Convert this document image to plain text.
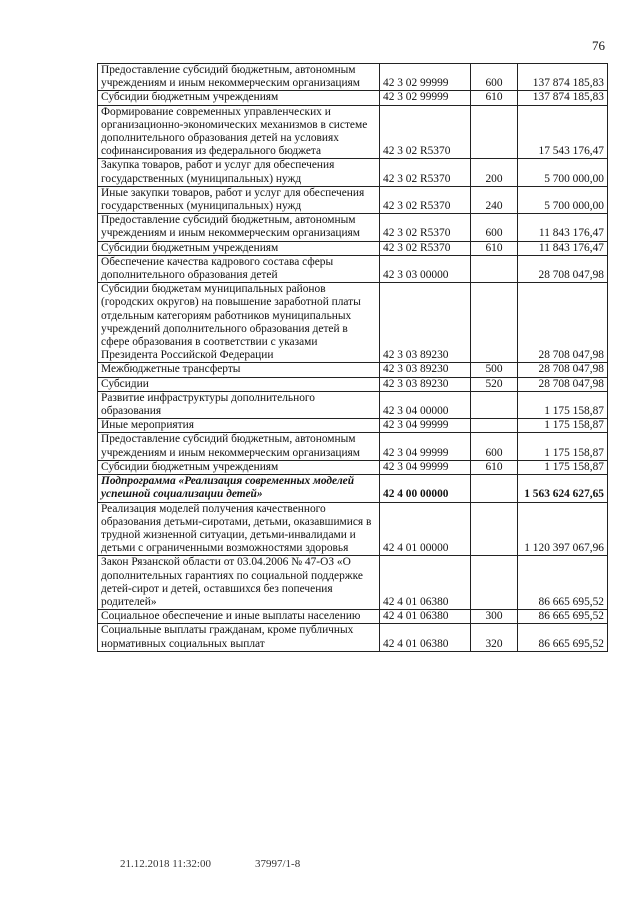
76
Предоставление субсидий бюджетным, автономным учреждениям и иным некоммерческим организациям	42 3 02 99999	600	137 874 185,83
Субсидии бюджетным учреждениям	42 3 02 99999	610	137 874 185,83
Формирование современных управленческих и организационно-экономических механизмов в системе дополнительного образования детей на условиях софинансирования из федерального бюджета	42 3 02 R5370		17 543 176,47
Закупка товаров, работ и услуг для обеспечения государственных (муниципальных) нужд	42 3 02 R5370	200	5 700 000,00
Иные закупки товаров, работ и услуг для обеспечения государственных (муниципальных) нужд	42 3 02 R5370	240	5 700 000,00
Предоставление субсидий бюджетным, автономным учреждениям и иным некоммерческим организациям	42 3 02 R5370	600	11 843 176,47
Субсидии бюджетным учреждениям	42 3 02 R5370	610	11 843 176,47
Обеспечение качества кадрового состава сферы дополнительного образования детей	42 3 03 00000		28 708 047,98
Субсидии бюджетам муниципальных районов (городских округов) на повышение заработной платы отдельным категориям работников муниципальных учреждений дополнительного образования детей в сфере образования в соответствии с указами Президента Российской Федерации	42 3 03 89230		28 708 047,98
Межбюджетные трансферты	42 3 03 89230	500	28 708 047,98
Субсидии	42 3 03 89230	520	28 708 047,98
Развитие инфраструктуры дополнительного образования	42 3 04 00000		1 175 158,87
Иные мероприятия	42 3 04 99999		1 175 158,87
Предоставление субсидий бюджетным, автономным учреждениям и иным некоммерческим организациям	42 3 04 99999	600	1 175 158,87
Субсидии бюджетным учреждениям	42 3 04 99999	610	1 175 158,87
Подпрограмма «Реализация современных моделей успешной социализации детей»	42 4 00 00000		1 563 624 627,65
Реализация моделей получения качественного образования детьми-сиротами, детьми, оказавшимися в трудной жизненной ситуации, детьми-инвалидами и детьми с ограниченными возможностями здоровья	42 4 01 00000		1 120 397 067,96
Закон Рязанской области от 03.04.2006 № 47-ОЗ «О дополнительных гарантиях по социальной поддержке детей-сирот и детей, оставшихся без попечения родителей»	42 4 01 06380		86 665 695,52
Социальное обеспечение и иные выплаты населению	42 4 01 06380	300	86 665 695,52
Социальные выплаты гражданам, кроме публичных нормативных социальных выплат	42 4 01 06380	320	86 665 695,52
21.12.2018 11:32:00	37997/1-8
